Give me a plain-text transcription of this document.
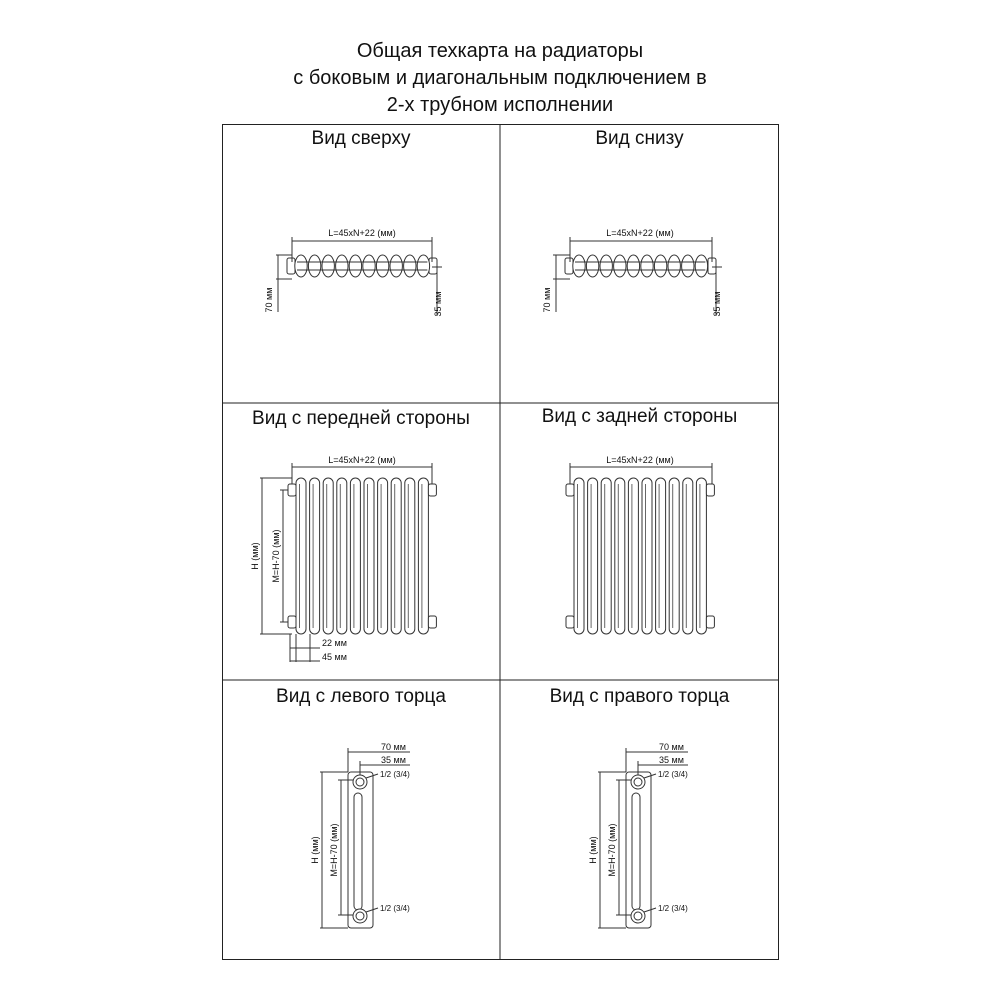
Общая техкарта на радиаторы
с боковым и диагональным подключением в
2-х трубном исполнении
L=45xN+22 (мм)
70 мм	35 мм
L=45xN+22 (мм)
70 мм	35 мм
L=45xN+22 (мм)
H (мм) M=H-70 (мм)
22 мм
45 мм
L=45xN+22 (мм)
70 мм
35 мм
1/2 (3/4)
1/2 (3/4)
H (мм) M=H-70 (мм)
70 мм
35 мм
1/2 (3/4)
1/2 (3/4)
H (мм) M=H-70 (мм)
Вид сверху	Вид снизу
Вид с передней стороны	Вид с задней стороны
Вид с левого торца	Вид с правого торца
